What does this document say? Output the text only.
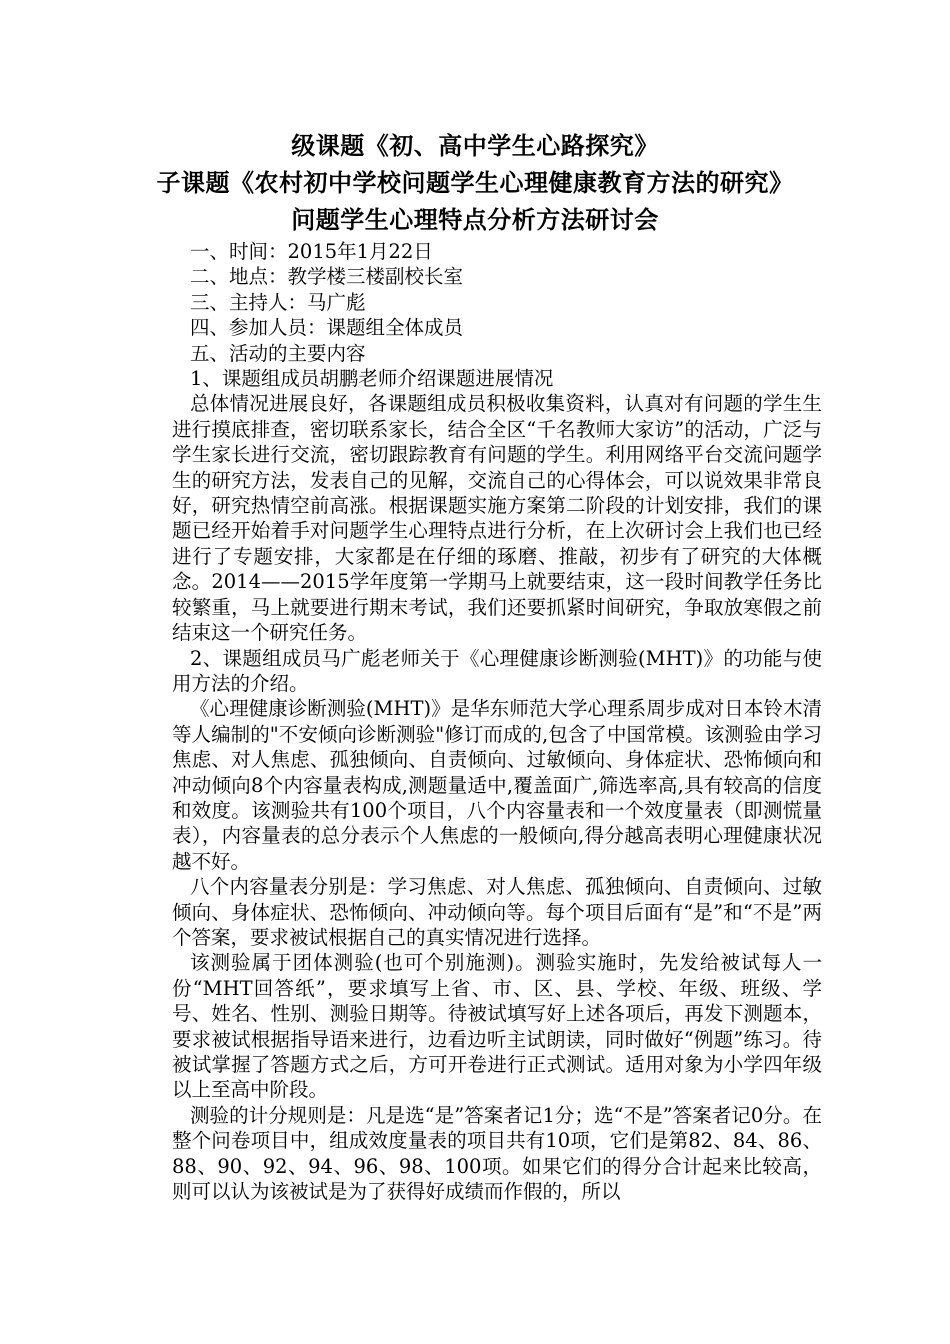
级课题《初、高中学生心路探究》
子课题《农村初中学校问题学生心理健康教育方法的研究》
问题学生心理特点分析方法研讨会

一、时间：2015年1月22日

二、地点：教学楼三楼副校长室

三、主持人：马广彪

四、参加人员：课题组全体成员

五、活动的主要内容

1、课题组成员胡鹏老师介绍课题进展情况

总体情况进展良好，各课题组成员积极收集资料，认真对有问题的学生生进行摸底排查，密切联系家长，结合全区“千名教师大家访”的活动，广泛与学生家长进行交流，密切跟踪教育有问题的学生。利用网络平台交流问题学生的研究方法，发表自己的见解，交流自己的心得体会，可以说效果非常良好，研究热情空前高涨。根据课题实施方案第二阶段的计划安排，我们的课题已经开始着手对问题学生心理特点进行分析，在上次研讨会上我们也已经进行了专题安排，大家都是在仔细的琢磨、推敲，初步有了研究的大体概念。2014——2015学年度第一学期马上就要结束，这一段时间教学任务比较繁重，马上就要进行期末考试，我们还要抓紧时间研究，争取放寒假之前结束这一个研究任务。

2、课题组成员马广彪老师关于《心理健康诊断测验(MHT)》的功能与使用方法的介绍。

《心理健康诊断测验(MHT)》是华东师范大学心理系周步成对日本铃木清等人编制的"不安倾向诊断测验"修订而成的,包含了中国常模。该测验由学习焦虑、对人焦虑、孤独倾向、自责倾向、过敏倾向、身体症状、恐怖倾向和冲动倾向8个内容量表构成,测题量适中,覆盖面广,筛选率高,具有较高的信度和效度。该测验共有100个项目，八个内容量表和一个效度量表（即测慌量表），内容量表的总分表示个人焦虑的一般倾向,得分越高表明心理健康状况越不好。

八个内容量表分别是：学习焦虑、对人焦虑、孤独倾向、自责倾向、过敏倾向、身体症状、恐怖倾向、冲动倾向等。每个项目后面有“是”和“不是”两个答案，要求被试根据自己的真实情况进行选择。

该测验属于团体测验(也可个别施测)。测验实施时，先发给被试每人一份“MHT回答纸”，要求填写上省、市、区、县、学校、年级、班级、学号、姓名、性别、测验日期等。待被试填写好上述各项后，再发下测题本，要求被试根据指导语来进行，边看边听主试朗读，同时做好“例题”练习。待被试掌握了答题方式之后，方可开卷进行正式测试。适用对象为小学四年级以上至高中阶段。

测验的计分规则是：凡是选“是”答案者记1分；选“不是”答案者记0分。在整个问卷项目中，组成效度量表的项目共有10项，它们是第82、84、86、88、90、92、94、96、98、100项。如果它们的得分合计起来比较高，则可以认为该被试是为了获得好成绩而作假的，所以
